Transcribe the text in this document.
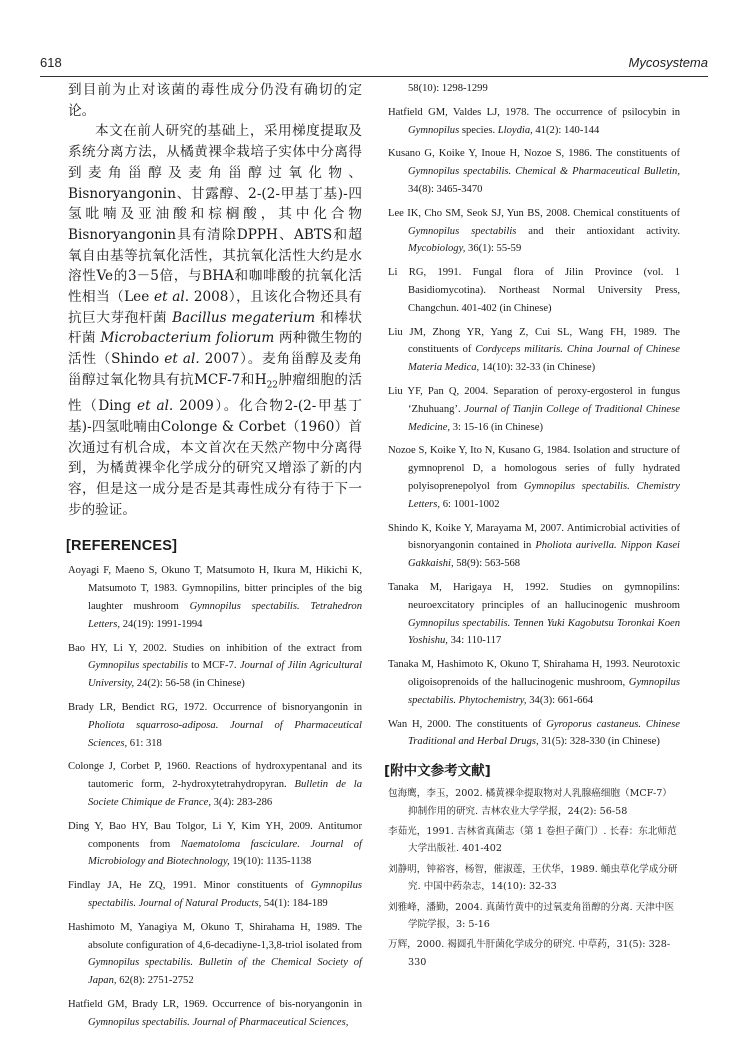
618	Mycosystema

到目前为止对该菌的毒性成分仍没有确切的定论。

本文在前人研究的基础上，采用梯度提取及系统分离方法，从橘黄裸伞栽培子实体中分离得到麦角甾醇及麦角甾醇过氧化物、Bisnoryangonin、甘露醇、2-(2-甲基丁基)-四氢吡喃及亚油酸和棕榈酸，其中化合物Bisnoryangonin具有清除DPPH、ABTS和超氧自由基等抗氧化活性，其抗氧化活性大约是水溶性Ve的3－5倍，与BHA和咖啡酸的抗氧化活性相当（Lee et al. 2008），且该化合物还具有抗巨大芽孢杆菌 Bacillus megaterium 和棒状杆菌 Microbacterium foliorum 两种微生物的活性（Shindo et al. 2007）。麦角甾醇及麦角甾醇过氧化物具有抗MCF-7和$H_{22}$肿瘤细胞的活性（Ding et al. 2009）。化合物2-(2-甲基丁基)-四氢吡喃由Colonge & Corbet（1960）首次通过有机合成，本文首次在天然产物中分离得到，为橘黄裸伞化学成分的研究又增添了新的内容，但是这一成分是否是其毒性成分有待于下一步的验证。

[REFERENCES]
Aoyagi F, Maeno S, Okuno T, Matsumoto H, Ikura M, Hikichi K, Matsumoto T, 1983. Gymnopilins, bitter principles of the big laughter mushroom Gymnopilus spectabilis. Tetrahedron Letters, 24(19): 1991-1994
Bao HY, Li Y, 2002. Studies on inhibition of the extract from Gymnopilus spectabilis to MCF-7. Journal of Jilin Agricultural University, 24(2): 56-58 (in Chinese)
Brady LR, Bendict RG, 1972. Occurrence of bisnoryangonin in Pholiota squarroso-adiposa. Journal of Pharmaceutical Sciences, 61: 318
Colonge J, Corbet P, 1960. Reactions of hydroxypentanal and its tautomeric form, 2-hydroxytetrahydropyran. Bulletin de la Societe Chimique de France, 3(4): 283-286
Ding Y, Bao HY, Bau Tolgor, Li Y, Kim YH, 2009. Antitumor components from Naematoloma fasciculare. Journal of Microbiology and Biotechnology, 19(10): 1135-1138
Findlay JA, He ZQ, 1991. Minor constituents of Gymnopilus spectabilis. Journal of Natural Products, 54(1): 184-189
Hashimoto M, Yanagiya M, Okuno T, Shirahama H, 1989. The absolute configuration of 4,6-decadiyne-1,3,8-triol isolated from Gymnopilus spectabilis. Bulletin of the Chemical Society of Japan, 62(8): 2751-2752
Hatfield GM, Brady LR, 1969. Occurrence of bis-noryangonin in Gymnopilus spectabilis. Journal of Pharmaceutical Sciences,
58(10): 1298-1299
Hatfield GM, Valdes LJ, 1978. The occurrence of psilocybin in Gymnopilus species. Lloydia, 41(2): 140-144
Kusano G, Koike Y, Inoue H, Nozoe S, 1986. The constituents of Gymnopilus spectabilis. Chemical & Pharmaceutical Bulletin, 34(8): 3465-3470
Lee IK, Cho SM, Seok SJ, Yun BS, 2008. Chemical constituents of Gymnopilus spectabilis and their antioxidant activity. Mycobiology, 36(1): 55-59
Li RG, 1991. Fungal flora of Jilin Province (vol. 1 Basidiomycotina). Northeast Normal University Press, Changchun. 401-402 (in Chinese)
Liu JM, Zhong YR, Yang Z, Cui SL, Wang FH, 1989. The constituents of Cordyceps militaris. China Journal of Chinese Materia Medica, 14(10): 32-33 (in Chinese)
Liu YF, Pan Q, 2004. Separation of peroxy-ergosterol in fungus ‘Zhuhuang’. Journal of Tianjin College of Traditional Chinese Medicine, 3: 15-16 (in Chinese)
Nozoe S, Koike Y, Ito N, Kusano G, 1984. Isolation and structure of gymnoprenol D, a homologous series of fully hydrated polyisoprenepolyol from Gymnopilus spectabilis. Chemistry Letters, 6: 1001-1002
Shindo K, Koike Y, Marayama M, 2007. Antimicrobial activities of bisnoryangonin contained in Pholiota aurivella. Nippon Kasei Gakkaishi, 58(9): 563-568
Tanaka M, Harigaya H, 1992. Studies on gymnopilins: neuroexcitatory principles of an hallucinogenic mushroom Gymnopilus spectabilis. Tennen Yuki Kagobutsu Toronkai Koen Yoshishu, 34: 110-117
Tanaka M, Hashimoto K, Okuno T, Shirahama H, 1993. Neurotoxic oligoisoprenoids of the hallucinogenic mushroom, Gymnopilus spectabilis. Phytochemistry, 34(3): 661-664
Wan H, 2000. The constituents of Gyroporus castaneus. Chinese Traditional and Herbal Drugs, 31(5): 328-330 (in Chinese)
[附中文参考文献]
包海鹰，李玉，2002. 橘黄裸伞提取物对人乳腺癌细胞（MCF-7）抑制作用的研究. 吉林农业大学学报，24(2): 56-58
李茹光，1991. 吉林省真菌志（第 1 卷担子菌门）. 长春：东北师范大学出版社. 401-402
刘静明，钟裕容，杨智，催淑莲，王伏华，1989. 蛹虫草化学成分研究. 中国中药杂志，14(10): 32-33
刘雅峰，潘勤，2004. 真菌竹黄中的过氧麦角甾醇的分离. 天津中医学院学报，3: 5-16
万辉，2000. 褐圆孔牛肝菌化学成分的研究. 中草药，31(5): 328-330
